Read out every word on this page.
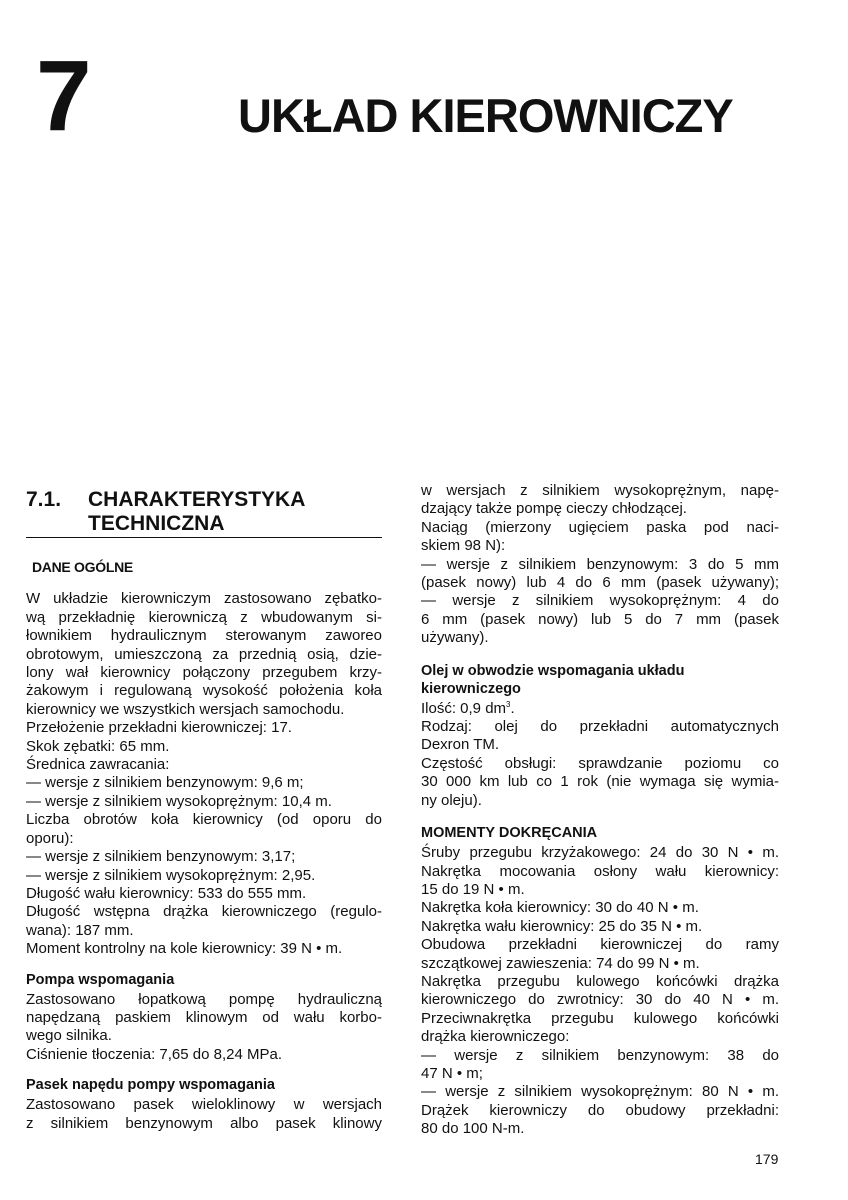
7	UKŁAD KIEROWNICZY
7.1. CHARAKTERYSTYKA
TECHNICZNA
DANE OGÓLNE
W układzie kierowniczym zastosowano zębatko-
wą przekładnię kierowniczą z wbudowanym si-
łownikiem hydraulicznym sterowanym zaworeo
obrotowym, umieszczoną za przednią osią, dzie-
lony wał kierownicy połączony przegubem krzy-
żakowym i regulowaną wysokość położenia koła
kierownicy we wszystkich wersjach samochodu.
Przełożenie przekładni kierowniczej: 17.
Skok zębatki: 65 mm.
Średnica zawracania:
— wersje z silnikiem benzynowym: 9,6 m;
— wersje z silnikiem wysokoprężnym: 10,4 m.
Liczba obrotów koła kierownicy (od oporu do
oporu):
— wersje z silnikiem benzynowym: 3,17;
— wersje z silnikiem wysokoprężnym: 2,95.
Długość wału kierownicy: 533 do 555 mm.
Długość wstępna drążka kierowniczego (regulo-
wana): 187 mm.
Moment kontrolny na kole kierownicy: 39 N • m.
Pompa wspomagania
Zastosowano łopatkową pompę hydrauliczną
napędzaną paskiem klinowym od wału korbo-
wego silnika.
Ciśnienie tłoczenia: 7,65 do 8,24 MPa.
Pasek napędu pompy wspomagania
Zastosowano pasek wieloklinowy w wersjach
z silnikiem benzynowym albo pasek klinowy
w wersjach z silnikiem wysokoprężnym, napę-
dzający także pompę cieczy chłodzącej.
Naciąg (mierzony ugięciem paska pod naci-
skiem 98 N):
— wersje z silnikiem benzynowym: 3 do 5 mm
(pasek nowy) lub 4 do 6 mm (pasek używany);
— wersje z silnikiem wysokoprężnym: 4 do
6 mm (pasek nowy) lub 5 do 7 mm (pasek
używany).
Olej w obwodzie wspomagania układu
kierowniczego
Ilość: 0,9 $dm^3$.
Rodzaj: olej do przekładni automatycznych
Dexron TM.
Częstość obsługi: sprawdzanie poziomu co
30 000 km lub co 1 rok (nie wymaga się wymia-
ny oleju).
MOMENTY DOKRĘCANIA
Śruby przegubu krzyżakowego: 24 do 30 N • m.
Nakrętka mocowania osłony wału kierownicy:
15 do 19 N • m.
Nakrętka koła kierownicy: 30 do 40 N • m.
Nakrętka wału kierownicy: 25 do 35 N • m.
Obudowa przekładni kierowniczej do ramy
szczątkowej zawieszenia: 74 do 99 N • m.
Nakrętka przegubu kulowego końcówki drążka
kierowniczego do zwrotnicy: 30 do 40 N • m.
Przeciwnakrętka przegubu kulowego końcówki
drążka kierowniczego:
— wersje z silnikiem benzynowym: 38 do
47 N • m;
— wersje z silnikiem wysokoprężnym: 80 N • m.
Drążek kierowniczy do obudowy przekładni:
80 do 100 N-m.
179
